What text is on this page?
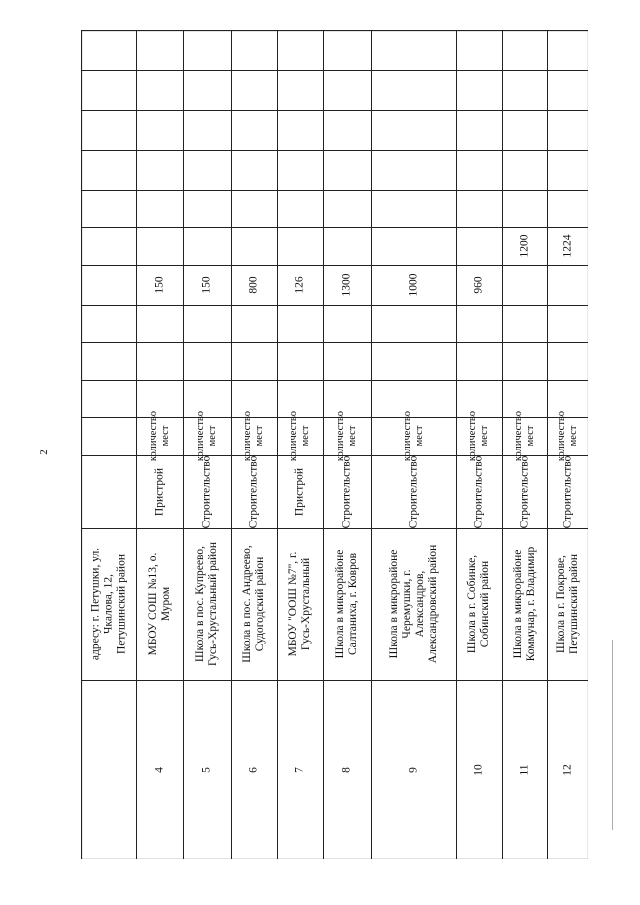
2
адресу: г. Петушки, ул.
Чкалова, 12,
Петушинский район
4
МБОУ СОШ №13, о.
Муром
Пристрой
количество
мест
150
5
Школа в пос. Купреево,
Гусь-Хрустальный район
Строительство
количество
мест
150
6
Школа в пос. Андреево,
Судогодский район
Строительство
количество
мест
800
7
МБОУ "ООШ №7", г.
Гусь-Хрустальный
Пристрой
количество
мест
126
8
Школа в микрорайоне
Салтаниха, г. Ковров
Строительство
количество
мест
1300
9
Школа в микрорайоне
Черемушки, г.
Александров,
Александровский район
Строительство
количество
мест
1000
10
Школа в г. Собинке,
Собинский район
Строительство
количество
мест
960
11
Школа в микрорайоне
Коммунар, г. Владимир
Строительство
количество
мест
1200
12
Школа в г. Покрове,
Петушинский район
Строительство
количество
мест
1224
